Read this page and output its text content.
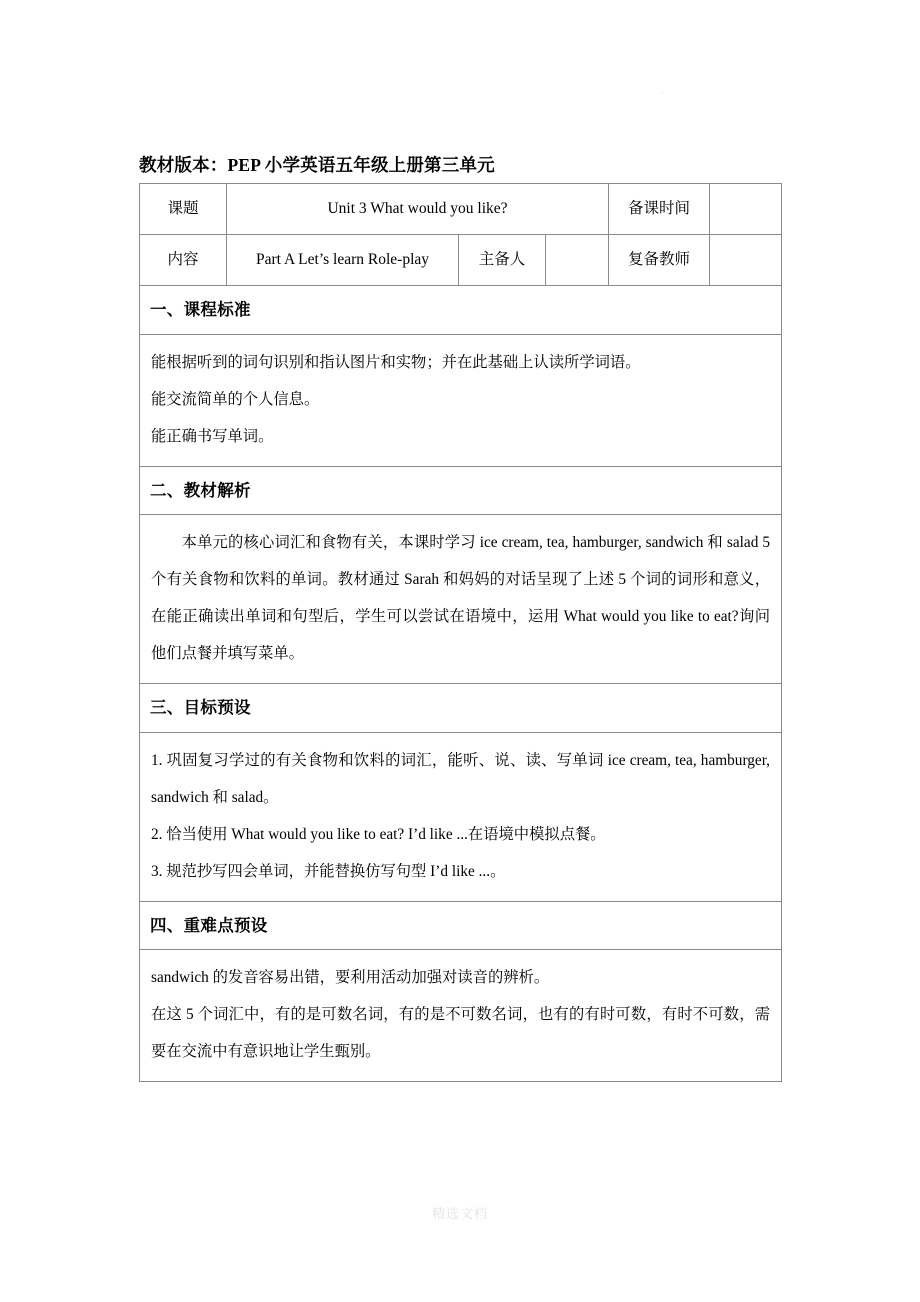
教材版本：PEP 小学英语五年级上册第三单元
课题	Unit 3 What would you like?			备课时间	
内容	Part A Let’s learn Role-play	主备人		复备教师	
一、课程标准					

能根据听到的词句识别和指认图片和实物；并在此基础上认读所学词语。

能交流简单的个人信息。

能正确书写单词。					

二、教材解析					

本单元的核心词汇和食物有关，本课时学习 ice cream, tea, hamburger, sandwich 和 salad 5 个有关食物和饮料的单词。教材通过 Sarah 和妈妈的对话呈现了上述 5 个词的词形和意义，在能正确读出单词和句型后，学生可以尝试在语境中，运用 What would you like to eat?询问他们点餐并填写菜单。					

三、目标预设					

1. 巩固复习学过的有关食物和饮料的词汇，能听、说、读、写单词 ice cream, tea, hamburger, sandwich 和 salad。

2. 恰当使用 What would you like to eat? I’d like ...在语境中模拟点餐。

3. 规范抄写四会单词，并能替换仿写句型 I’d like ...。					

四、重难点预设					

sandwich 的发音容易出错，要利用活动加强对读音的辨析。

在这 5 个词汇中，有的是可数名词，有的是不可数名词，也有的有时可数，有时不可数，需要在交流中有意识地让学生甄别。					

精选文档
